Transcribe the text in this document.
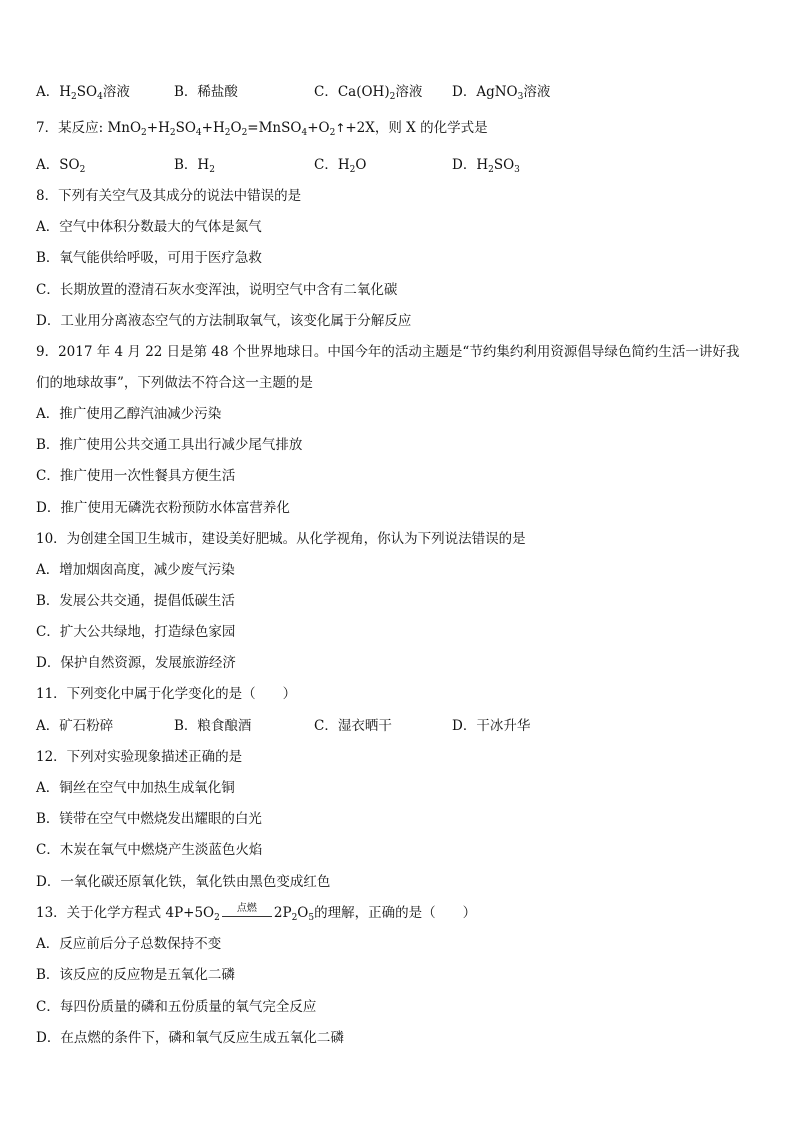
A．$H_2SO_4$溶液	B．稀盐酸	C．$Ca(OH)_2$溶液 D．AgNO$_3$溶液
7．某反应: $MnO_2+H_2SO_4+H_2O_2=MnSO_4+O_2↑+2X$，则 X 的化学式是
A．$SO_2$	B．$H_2$	C．$H_2O$	D．$H_2SO_3$
8．下列有关空气及其成分的说法中错误的是
A．空气中体积分数最大的气体是氮气
B．氧气能供给呼吸，可用于医疗急救
C．长期放置的澄清石灰水变浑浊，说明空气中含有二氧化碳
D．工业用分离液态空气的方法制取氧气，该变化属于分解反应
9．2017 年 4 月 22 日是第 48 个世界地球日。中国今年的活动主题是“节约集约利用资源倡导绿色简约生活一讲好我
们的地球故事”，下列做法不符合这一主题的是
A．推广使用乙醇汽油减少污染
B．推广使用公共交通工具出行减少尾气排放
C．推广使用一次性餐具方便生活
D．推广使用无磷洗衣粉预防水体富营养化
10．为创建全国卫生城市，建设美好肥城。从化学视角，你认为下列说法错误的是
A．增加烟囱高度，减少废气污染
B．发展公共交通，提倡低碳生活
C．扩大公共绿地，打造绿色家园
D．保护自然资源，发展旅游经济
11．下列变化中属于化学变化的是（　　）
A．矿石粉碎	B．粮食酿酒	C．湿衣晒干	D．干冰升华
12．下列对实验现象描述正确的是
A．铜丝在空气中加热生成氧化铜
B．镁带在空气中燃烧发出耀眼的白光
C．木炭在氧气中燃烧产生淡蓝色火焰
D．一氧化碳还原氧化铁，氧化铁由黑色变成红色
13．关于化学方程式 $4P+5O_2$
点燃	$2P_2O_5$的理解，正确的是（　　）
A．反应前后分子总数保持不变
B．该反应的反应物是五氧化二磷
C．每四份质量的磷和五份质量的氧气完全反应
D．在点燃的条件下，磷和氧气反应生成五氧化二磷
